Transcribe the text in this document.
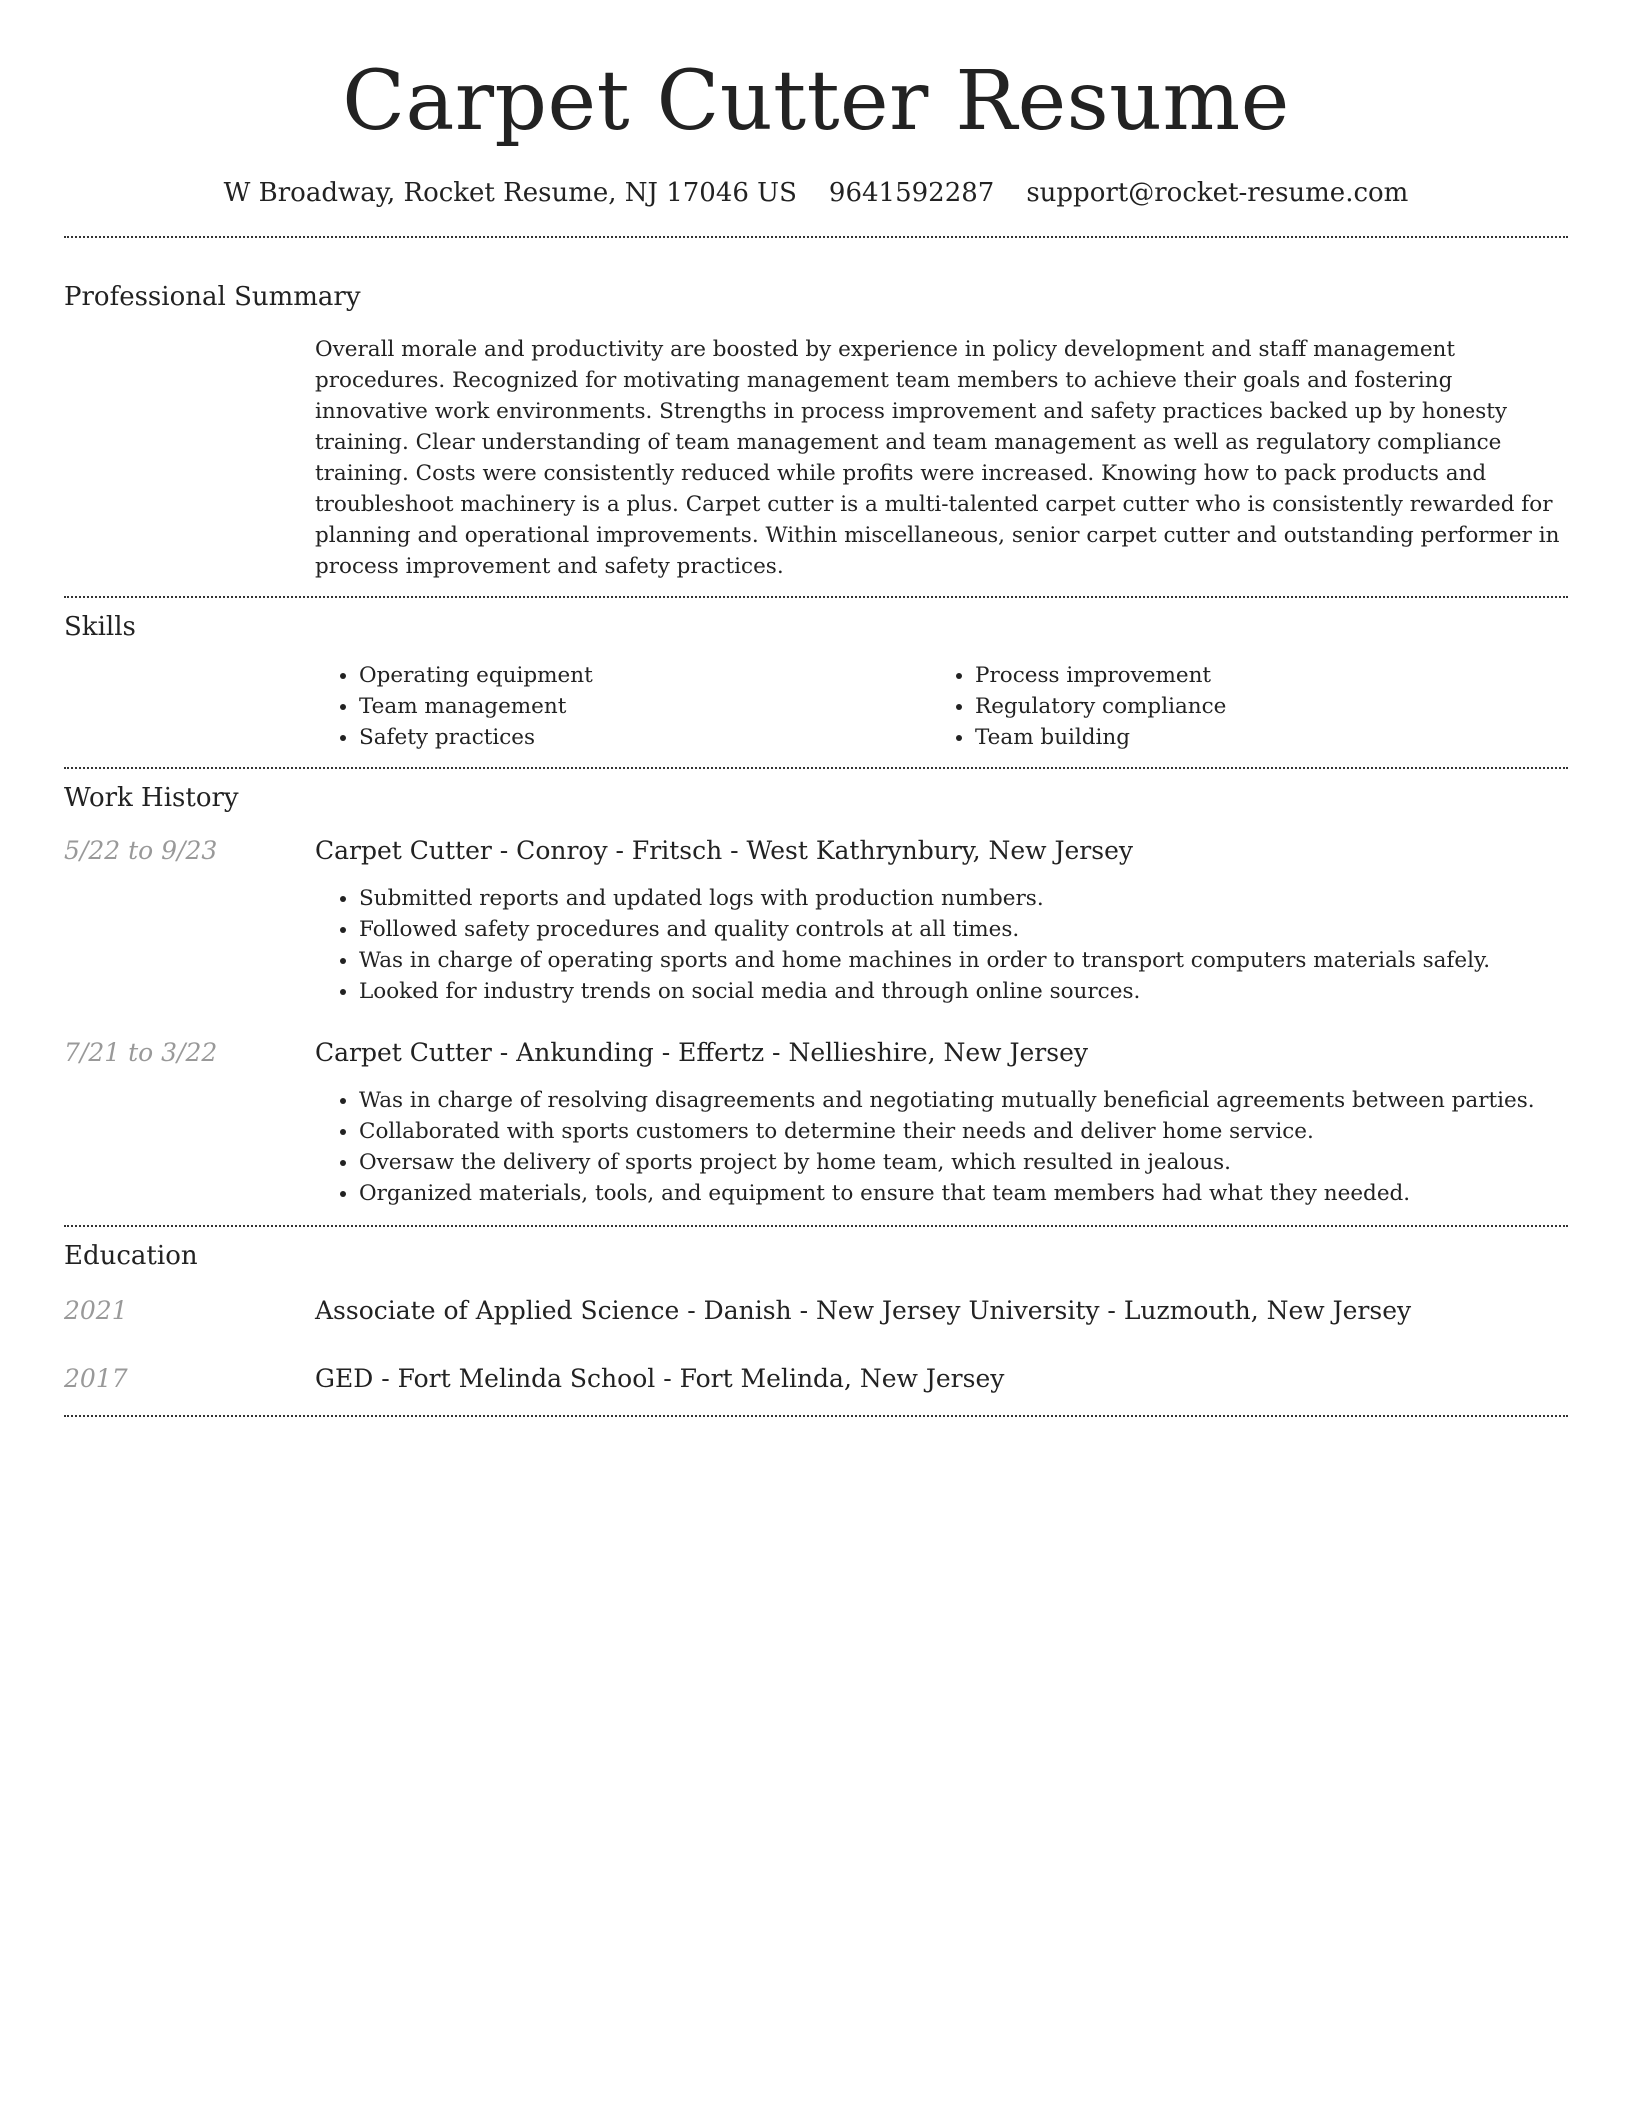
Carpet Cutter Resume
W Broadway, Rocket Resume, NJ 17046 US 9641592287 support@rocket-resume.com
Professional Summary

Overall morale and productivity are boosted by experience in policy development and staff management procedures. Recognized for motivating management team members to achieve their goals and fostering innovative work environments. Strengths in process improvement and safety practices backed up by honesty training. Clear understanding of team management and team management as well as regulatory compliance training. Costs were consistently reduced while profits were increased. Knowing how to pack products and troubleshoot machinery is a plus. Carpet cutter is a multi-talented carpet cutter who is consistently rewarded for planning and operational improvements. Within miscellaneous, senior carpet cutter and outstanding performer in process improvement and safety practices.

Skills
• Operating equipment
• Team management
• Safety practices
• Process improvement
• Regulatory compliance
• Team building
Work History
5/22 to 9/23	Carpet Cutter - Conroy - Fritsch - West Kathrynbury, New Jersey
• Submitted reports and updated logs with production numbers.
• Followed safety procedures and quality controls at all times.
• Was in charge of operating sports and home machines in order to transport computers materials safely.
• Looked for industry trends on social media and through online sources.
7/21 to 3/22	Carpet Cutter - Ankunding - Effertz - Nellieshire, New Jersey
• Was in charge of resolving disagreements and negotiating mutually beneficial agreements between parties.
• Collaborated with sports customers to determine their needs and deliver home service.
• Oversaw the delivery of sports project by home team, which resulted in jealous.
• Organized materials, tools, and equipment to ensure that team members had what they needed.
Education
2021	Associate of Applied Science - Danish - New Jersey University - Luzmouth, New Jersey
2017	GED - Fort Melinda School - Fort Melinda, New Jersey
